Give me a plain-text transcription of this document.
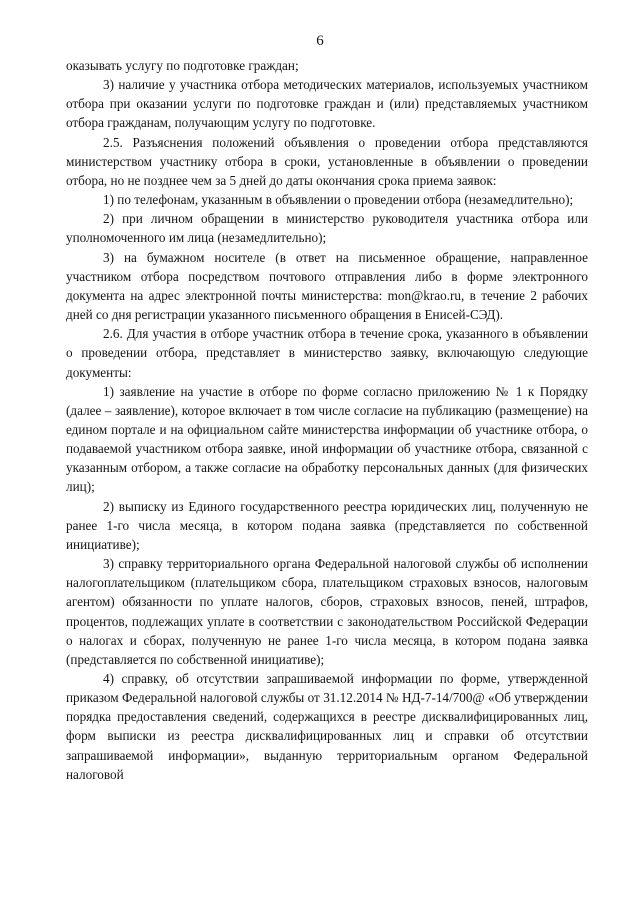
6

оказывать услугу по подготовке граждан;

3) наличие у участника отбора методических материалов, используемых участником отбора при оказании услуги по подготовке граждан и (или) представляемых участником отбора гражданам, получающим услугу по подготовке.

2.5. Разъяснения положений объявления о проведении отбора представляются министерством участнику отбора в сроки, установленные в объявлении о проведении отбора, но не позднее чем за 5 дней до даты окончания срока приема заявок:

1) по телефонам, указанным в объявлении о проведении отбора (незамедлительно);

2) при личном обращении в министерство руководителя участника отбора или уполномоченного им лица (незамедлительно);

3) на бумажном носителе (в ответ на письменное обращение, направленное участником отбора посредством почтового отправления либо в форме электронного документа на адрес электронной почты министерства: mon@krao.ru, в течение 2 рабочих дней со дня регистрации указанного письменного обращения в Енисей-СЭД).

2.6. Для участия в отборе участник отбора в течение срока, указанного в объявлении о проведении отбора, представляет в министерство заявку, включающую следующие документы:

1) заявление на участие в отборе по форме согласно приложению № 1 к Порядку (далее – заявление), которое включает в том числе согласие на публикацию (размещение) на едином портале и на официальном сайте министерства информации об участнике отбора, о подаваемой участником отбора заявке, иной информации об участнике отбора, связанной с указанным отбором, а также согласие на обработку персональных данных (для физических лиц);

2) выписку из Единого государственного реестра юридических лиц, полученную не ранее 1-го числа месяца, в котором подана заявка (представляется по собственной инициативе);

3) справку территориального органа Федеральной налоговой службы об исполнении налогоплательщиком (плательщиком сбора, плательщиком страховых взносов, налоговым агентом) обязанности по уплате налогов, сборов, страховых взносов, пеней, штрафов, процентов, подлежащих уплате в соответствии с законодательством Российской Федерации о налогах и сборах, полученную не ранее 1-го числа месяца, в котором подана заявка (представляется по собственной инициативе);

4) справку, об отсутствии запрашиваемой информации по форме, утвержденной приказом Федеральной налоговой службы от 31.12.2014 № НД-7-14/700@ «Об утверждении порядка предоставления сведений, содержащихся в реестре дисквалифицированных лиц, форм выписки из реестра дисквалифицированных лиц и справки об отсутствии запрашиваемой информации», выданную территориальным органом Федеральной налоговой
